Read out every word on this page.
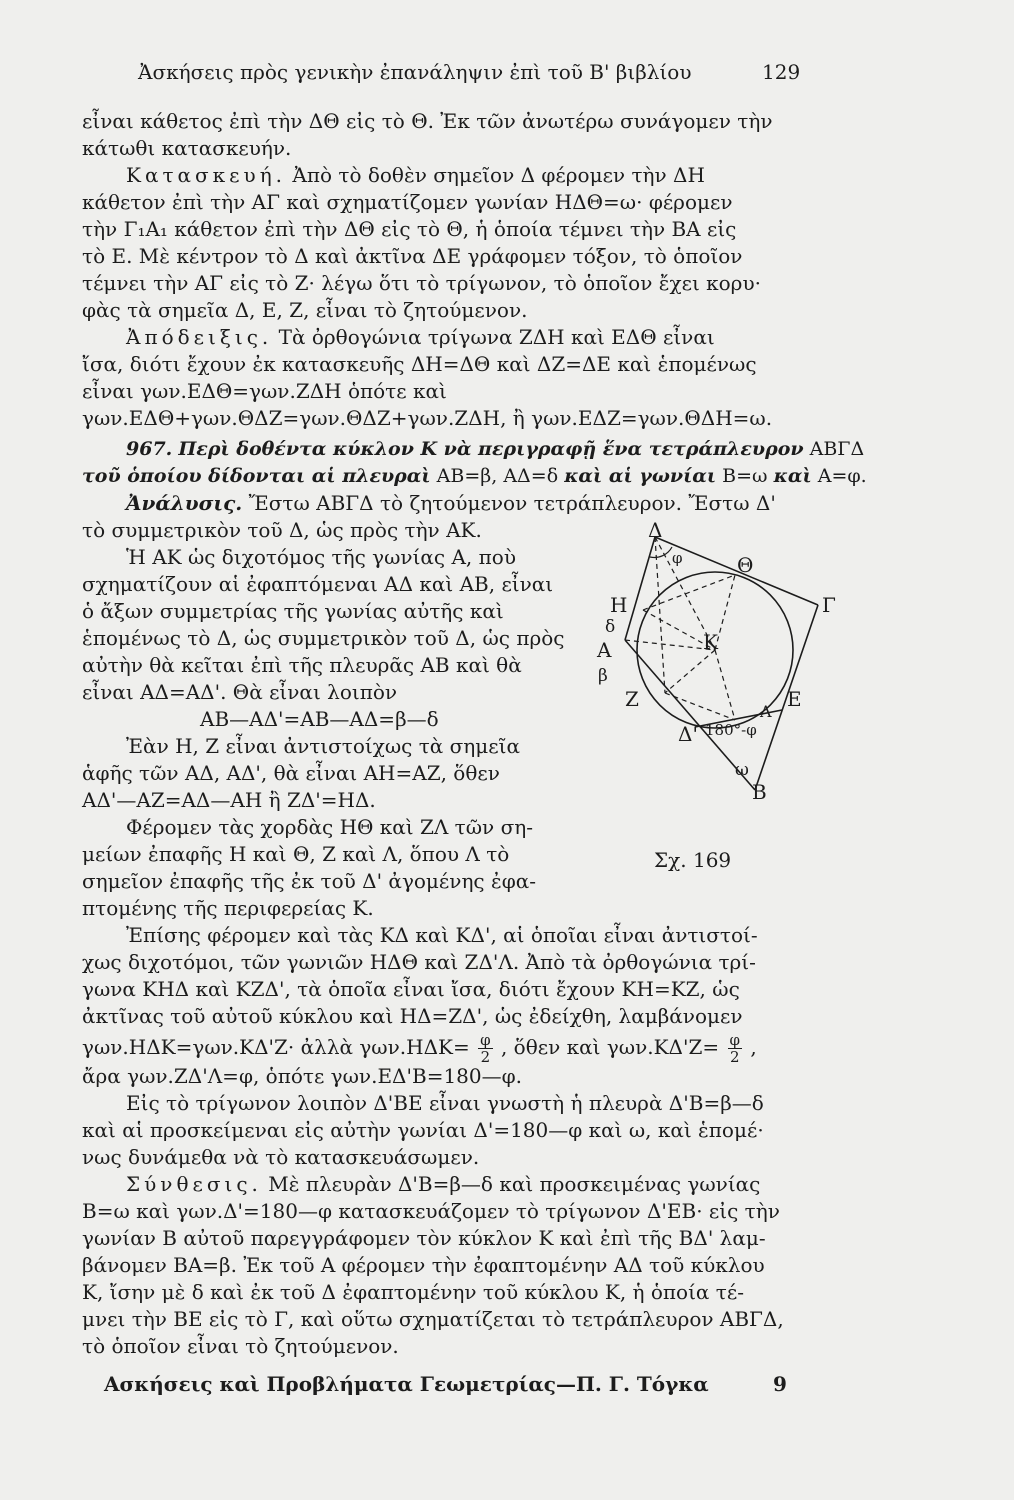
Ἀσκήσεις πρὸς γενικὴν ἐπανάληψιν ἐπὶ τοῦ Β' βιβλίου	129
εἶναι κάθετος ἐπὶ τὴν ΔΘ εἰς τὸ Θ. Ἐκ τῶν ἀνωτέρω συνάγομεν τὴν
κάτωθι κατασκευήν.
Κατασκευή. Ἀπὸ τὸ δοθὲν σημεῖον Δ φέρομεν τὴν ΔΗ
κάθετον ἐπὶ τὴν ΑΓ καὶ σχηματίζομεν γωνίαν ΗΔΘ=ω· φέρομεν
τὴν Γ₁Α₁ κάθετον ἐπὶ τὴν ΔΘ εἰς τὸ Θ, ἡ ὁποία τέμνει τὴν ΒΑ εἰς
τὸ Ε. Μὲ κέντρον τὸ Δ καὶ ἀκτῖνα ΔΕ γράφομεν τόξον, τὸ ὁποῖον
τέμνει τὴν ΑΓ εἰς τὸ Ζ· λέγω ὅτι τὸ τρίγωνον, τὸ ὁποῖον ἔχει κορυ·
φὰς τὰ σημεῖα Δ, Ε, Ζ, εἶναι τὸ ζητούμενον.
Ἀπόδειξις. Τὰ ὀρθογώνια τρίγωνα ΖΔΗ καὶ ΕΔΘ εἶναι
ἴσα, διότι ἔχουν ἐκ κατασκευῆς ΔΗ=ΔΘ καὶ ΔΖ=ΔΕ καὶ ἑπομένως
εἶναι γων.ΕΔΘ=γων.ΖΔΗ ὁπότε καὶ
γων.ΕΔΘ+γων.ΘΔΖ=γων.ΘΔΖ+γων.ΖΔΗ, ἢ γων.ΕΔΖ=γων.ΘΔΗ=ω.
967. Περὶ δοθέντα κύκλον Κ νὰ περιγραφῇ ἕνα τετράπλευρον ΑΒΓΔ
τοῦ ὁποίου δίδονται αἱ πλευραὶ ΑΒ=β, ΑΔ=δ καὶ αἱ γωνίαι Β=ω καὶ Α=φ.
Ἀνάλυσις. Ἔστω ΑΒΓΔ τὸ ζητούμενον τετράπλευρον. Ἔστω Δ'
τὸ συμμετρικὸν τοῦ Δ, ὡς πρὸς τὴν ΑΚ.
Ἡ ΑΚ ὡς διχοτόμος τῆς γωνίας Α, ποὺ
σχηματίζουν αἱ ἐφαπτόμεναι ΑΔ καὶ ΑΒ, εἶναι
ὁ ἄξων συμμετρίας τῆς γωνίας αὐτῆς καὶ
ἑπομένως τὸ Δ, ὡς συμμετρικὸν τοῦ Δ, ὡς πρὸς
αὐτὴν θὰ κεῖται ἐπὶ τῆς πλευρᾶς ΑΒ καὶ θὰ
εἶναι ΑΔ=ΑΔ'. Θὰ εἶναι λοιπὸν
ΑΒ—ΑΔ'=ΑΒ—ΑΔ=β—δ
Ἐὰν Η, Ζ εἶναι ἀντιστοίχως τὰ σημεῖα
ἁφῆς τῶν ΑΔ, ΑΔ', θὰ εἶναι ΑΗ=ΑΖ, ὅθεν
ΑΔ'—ΑΖ=ΑΔ—ΑΗ ἢ ΖΔ'=ΗΔ.
Φέρομεν τὰς χορδὰς ΗΘ καὶ ΖΛ τῶν ση-
μείων ἐπαφῆς Η καὶ Θ, Ζ καὶ Λ, ὅπου Λ τὸ
σημεῖον ἐπαφῆς τῆς ἐκ τοῦ Δ' ἀγομένης ἐφα-
πτομένης τῆς περιφερείας Κ.
Ἐπίσης φέρομεν καὶ τὰς ΚΔ καὶ ΚΔ', αἱ ὁποῖαι εἶναι ἀντιστοί-
χως διχοτόμοι, τῶν γωνιῶν ΗΔΘ καὶ ΖΔ'Λ. Ἀπὸ τὰ ὀρθογώνια τρί-
γωνα ΚΗΔ καὶ ΚΖΔ', τὰ ὁποῖα εἶναι ἴσα, διότι ἔχουν ΚΗ=ΚΖ, ὡς
ἀκτῖνας τοῦ αὐτοῦ κύκλου καὶ ΗΔ=ΖΔ', ὡς ἐδείχθη, λαμβάνομεν
γων.ΗΔΚ=γων.ΚΔ'Ζ· ἀλλὰ $\gamma\omega\nu.H\Delta K= \frac{\varphi}{2}$ , ὅθεν καὶ $\gamma\omega\nu.K\Delta'Z= \frac{\varphi}{2}$ ,
ἄρα γων.ΖΔ'Λ=φ, ὁπότε γων.ΕΔ'Β=180—φ.
Εἰς τὸ τρίγωνον λοιπὸν Δ'ΒΕ εἶναι γνωστὴ ἡ πλευρὰ Δ'Β=β—δ
καὶ αἱ προσκείμεναι εἰς αὐτὴν γωνίαι Δ'=180—φ καὶ ω, καὶ ἑπομέ·
νως δυνάμεθα νὰ τὸ κατασκευάσωμεν.
Σύνθεσις. Μὲ πλευρὰν Δ'Β=β—δ καὶ προσκειμένας γωνίας
Β=ω καὶ γων.Δ'=180—φ κατασκευάζομεν τὸ τρίγωνον Δ'ΕΒ· εἰς τὴν
γωνίαν Β αὐτοῦ παρεγγράφομεν τὸν κύκλον Κ καὶ ἐπὶ τῆς ΒΔ' λαμ-
βάνομεν ΒΑ=β. Ἐκ τοῦ Α φέρομεν τὴν ἐφαπτομένην ΑΔ τοῦ κύκλου
Κ, ἴσην μὲ δ καὶ ἐκ τοῦ Δ ἐφαπτομένην τοῦ κύκλου Κ, ἡ ὁποία τέ-
μνει τὴν ΒΕ εἰς τὸ Γ, καὶ οὕτω σχηματίζεται τὸ τετράπλευρον ΑΒΓΔ,
τὸ ὁποῖον εἶναι τὸ ζητούμενον.
Δ
φ	Θ
Γ
Η
δ
Κ
Α
β
Ζ	Ε
Δ' 180°-φ
Λ
ω
Β
Σχ. 169
Ασκήσεις καὶ Προβλήματα Γεωμετρίας—Π. Γ. Τόγκα	9
